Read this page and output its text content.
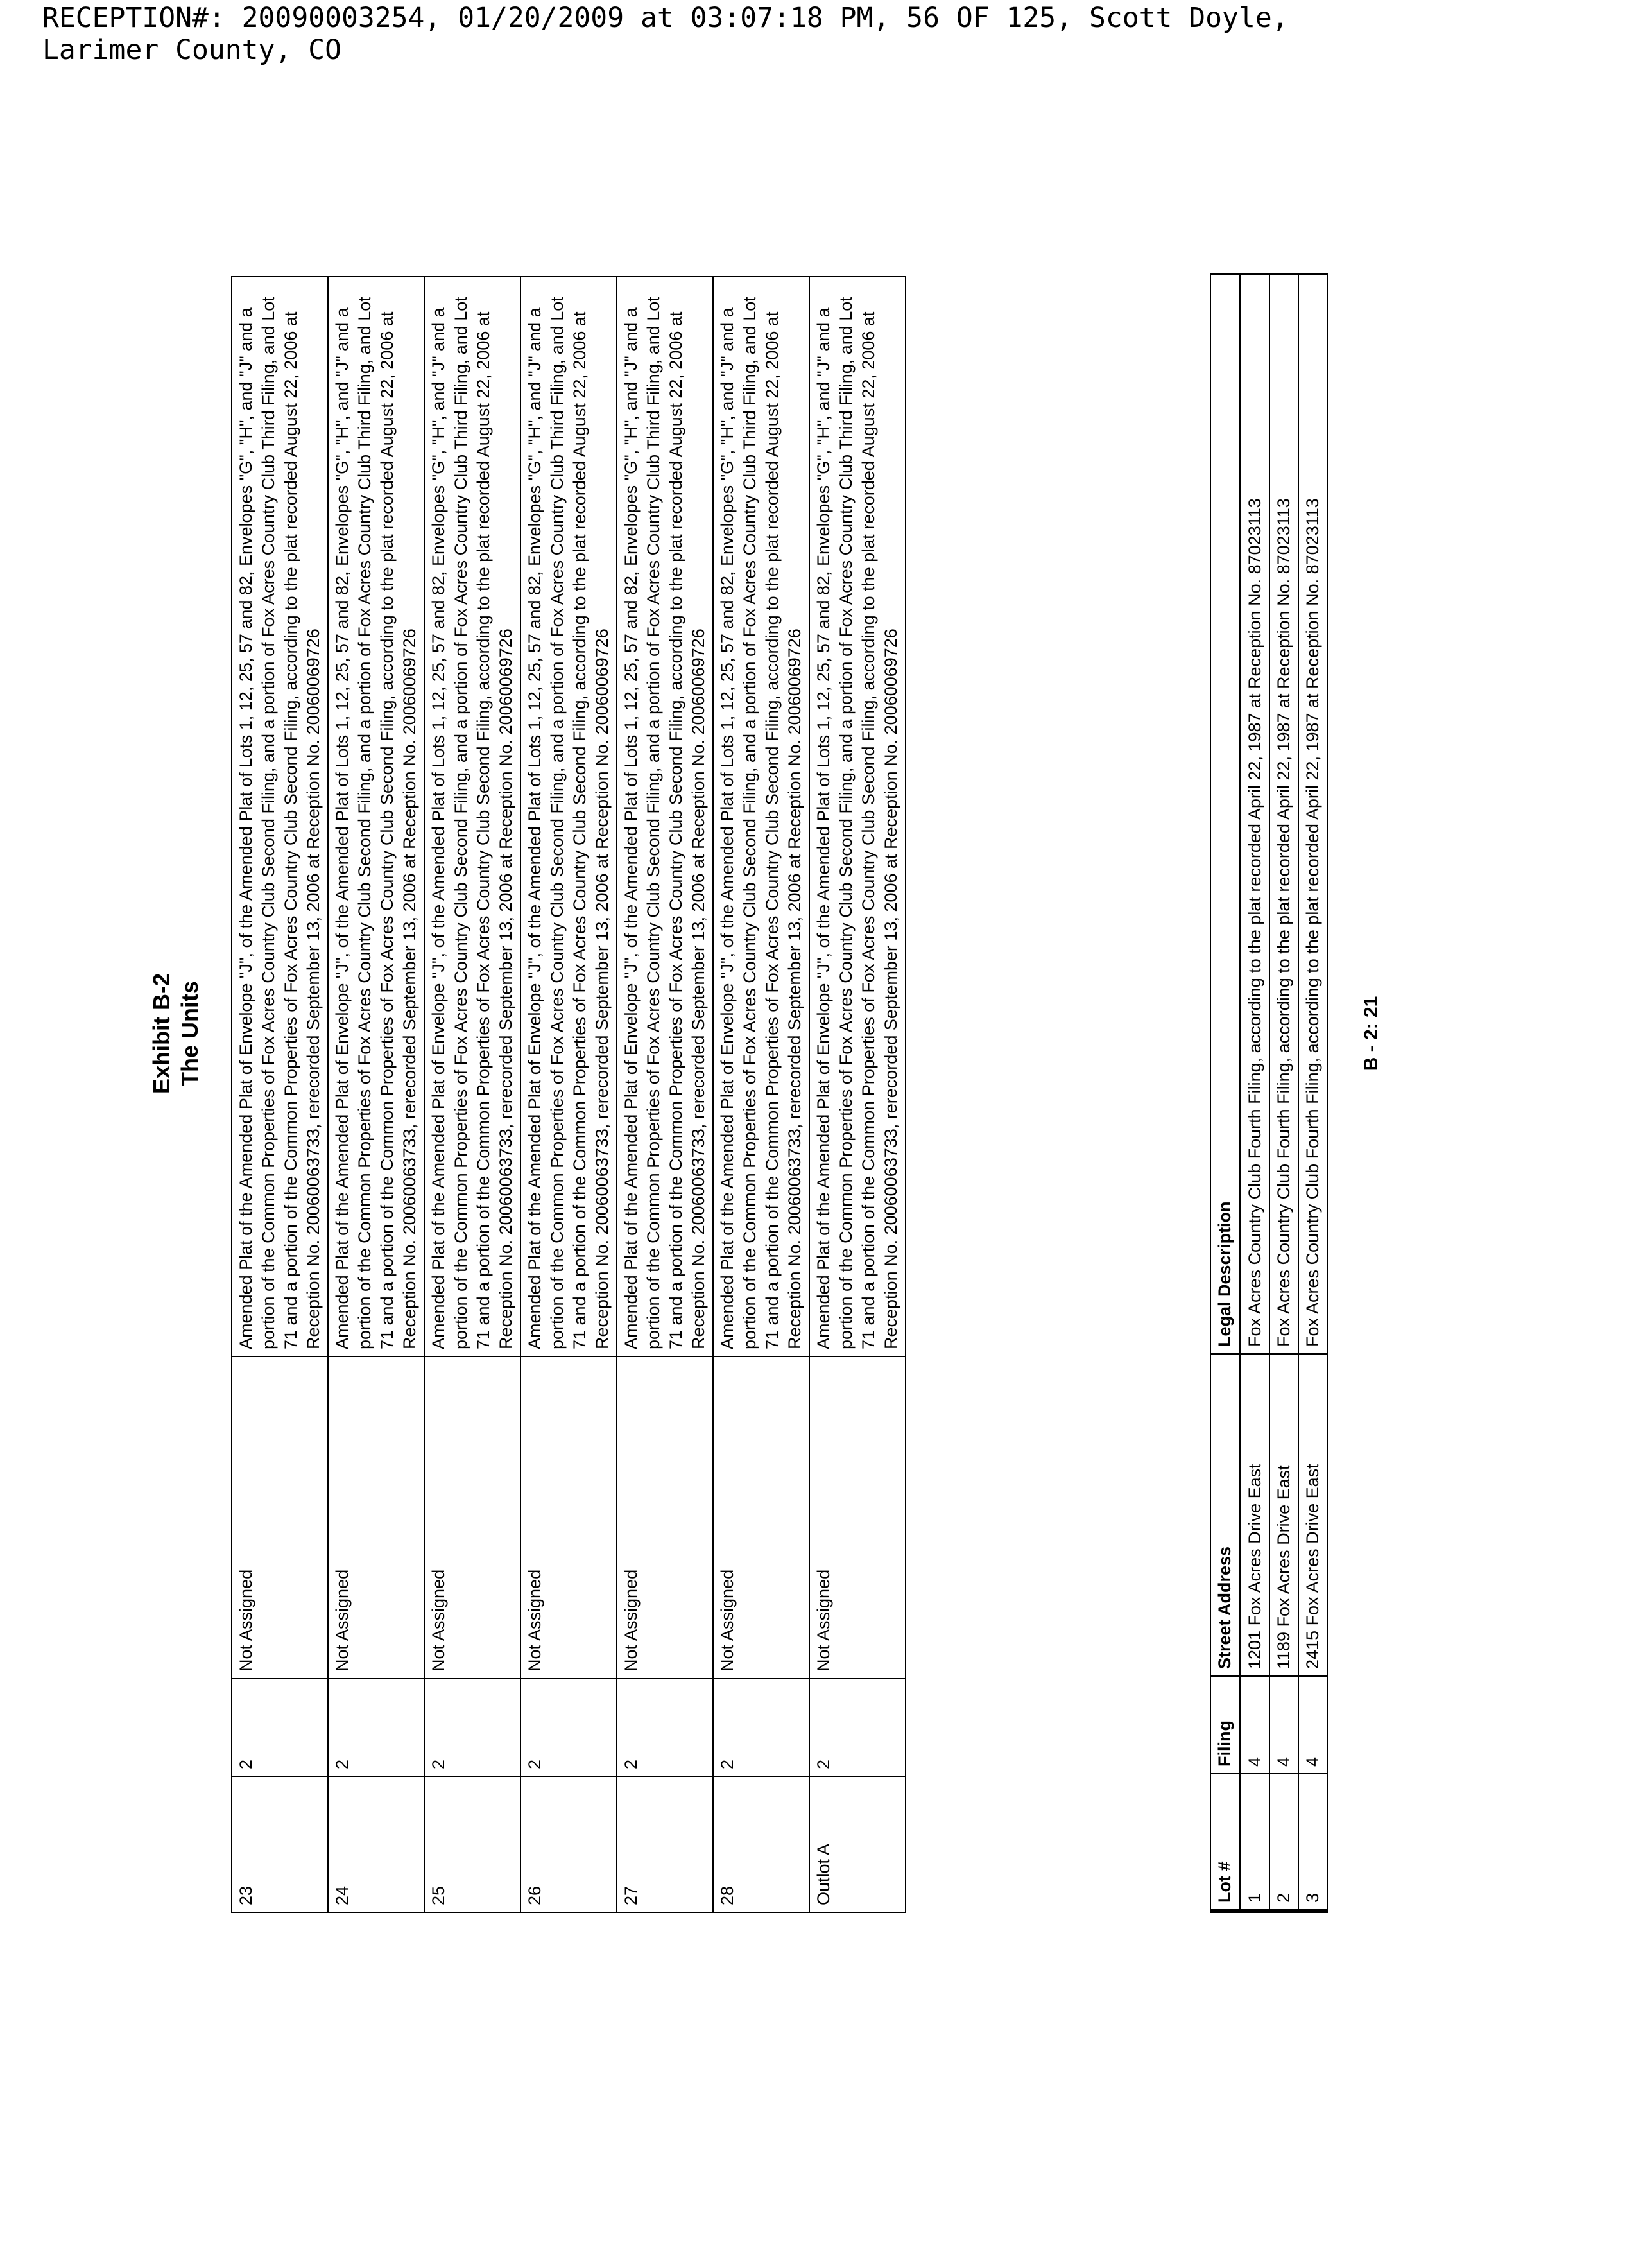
RECEPTION#: 20090003254, 01/20/2009 at 03:07:18 PM, 56 OF 125, Scott Doyle,
Larimer County, CO
Exhibit B-2 The Units
23	2	Not Assigned	Amended Plat of the Amended Plat of Envelope "J", of the Amended Plat of Lots 1, 12, 25, 57 and 82, Envelopes "G", "H", and "J" and a portion of the Common Properties of Fox Acres Country Club Second Filing, and a portion of Fox Acres Country Club Third Filing, and Lot 71 and a portion of the Common Properties of Fox Acres Country Club Second Filing, according to the plat recorded August 22, 2006 at Reception No. 20060063733, rerecorded September 13, 2006 at Reception No. 20060069726
24	2	Not Assigned	Amended Plat of the Amended Plat of Envelope "J", of the Amended Plat of Lots 1, 12, 25, 57 and 82, Envelopes "G", "H", and "J" and a portion of the Common Properties of Fox Acres Country Club Second Filing, and a portion of Fox Acres Country Club Third Filing, and Lot 71 and a portion of the Common Properties of Fox Acres Country Club Second Filing, according to the plat recorded August 22, 2006 at Reception No. 20060063733, rerecorded September 13, 2006 at Reception No. 20060069726
25	2	Not Assigned	Amended Plat of the Amended Plat of Envelope "J", of the Amended Plat of Lots 1, 12, 25, 57 and 82, Envelopes "G", "H", and "J" and a portion of the Common Properties of Fox Acres Country Club Second Filing, and a portion of Fox Acres Country Club Third Filing, and Lot 71 and a portion of the Common Properties of Fox Acres Country Club Second Filing, according to the plat recorded August 22, 2006 at Reception No. 20060063733, rerecorded September 13, 2006 at Reception No. 20060069726
26	2	Not Assigned	Amended Plat of the Amended Plat of Envelope "J", of the Amended Plat of Lots 1, 12, 25, 57 and 82, Envelopes "G", "H", and "J" and a portion of the Common Properties of Fox Acres Country Club Second Filing, and a portion of Fox Acres Country Club Third Filing, and Lot 71 and a portion of the Common Properties of Fox Acres Country Club Second Filing, according to the plat recorded August 22, 2006 at Reception No. 20060063733, rerecorded September 13, 2006 at Reception No. 20060069726
27	2	Not Assigned	Amended Plat of the Amended Plat of Envelope "J", of the Amended Plat of Lots 1, 12, 25, 57 and 82, Envelopes "G", "H", and "J" and a portion of the Common Properties of Fox Acres Country Club Second Filing, and a portion of Fox Acres Country Club Third Filing, and Lot 71 and a portion of the Common Properties of Fox Acres Country Club Second Filing, according to the plat recorded August 22, 2006 at Reception No. 20060063733, rerecorded September 13, 2006 at Reception No. 20060069726
28	2	Not Assigned	Amended Plat of the Amended Plat of Envelope "J", of the Amended Plat of Lots 1, 12, 25, 57 and 82, Envelopes "G", "H", and "J" and a portion of the Common Properties of Fox Acres Country Club Second Filing, and a portion of Fox Acres Country Club Third Filing, and Lot 71 and a portion of the Common Properties of Fox Acres Country Club Second Filing, according to the plat recorded August 22, 2006 at Reception No. 20060063733, rerecorded September 13, 2006 at Reception No. 20060069726
Outlot A	2	Not Assigned	Amended Plat of the Amended Plat of Envelope "J", of the Amended Plat of Lots 1, 12, 25, 57 and 82, Envelopes "G", "H", and "J" and a portion of the Common Properties of Fox Acres Country Club Second Filing, and a portion of Fox Acres Country Club Third Filing, and Lot 71 and a portion of the Common Properties of Fox Acres Country Club Second Filing, according to the plat recorded August 22, 2006 at Reception No. 20060063733, rerecorded September 13, 2006 at Reception No. 20060069726
Lot #	Filing	Street Address	Legal Description
1	4	1201 Fox Acres Drive East	Fox Acres Country Club Fourth Filing, according to the plat recorded April 22, 1987 at Reception No. 87023113
2	4	1189 Fox Acres Drive East	Fox Acres Country Club Fourth Filing, according to the plat recorded April 22, 1987 at Reception No. 87023113
3	4	2415 Fox Acres Drive East	Fox Acres Country Club Fourth Filing, according to the plat recorded April 22, 1987 at Reception No. 87023113 B - 2: 21
